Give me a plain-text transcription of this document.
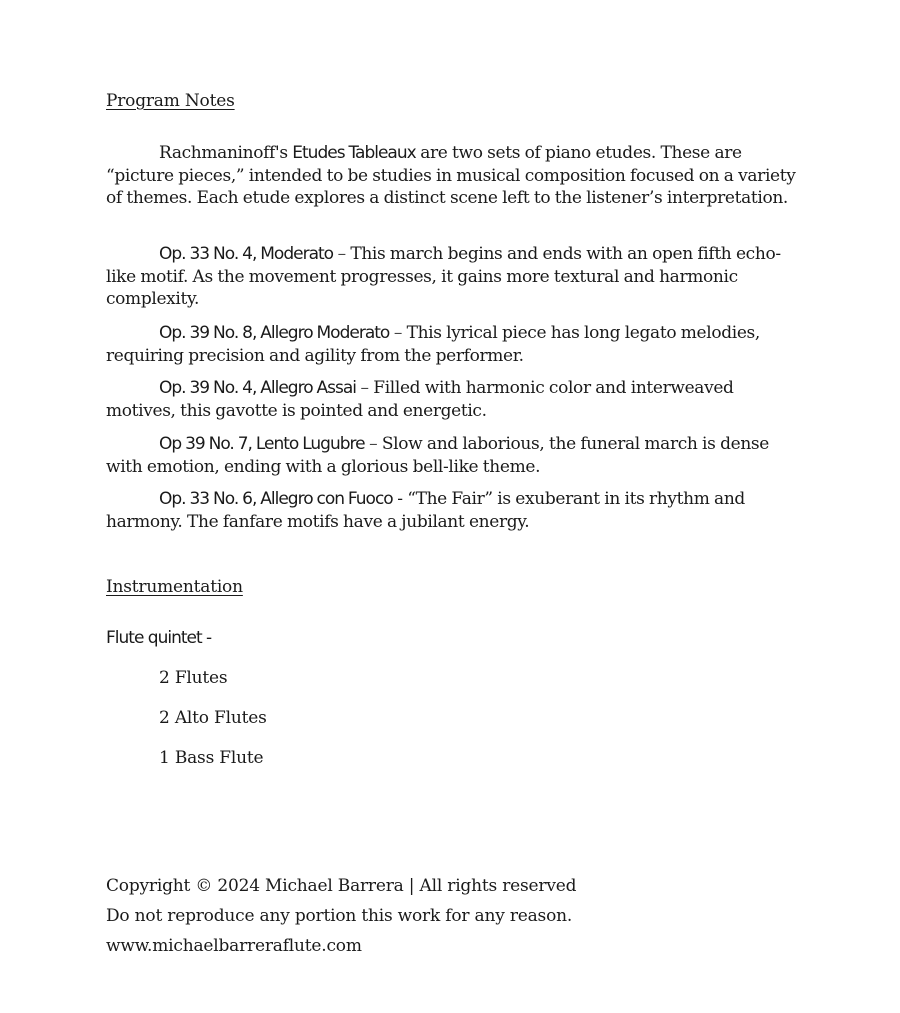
Program Notes

Rachmaninoff's Etudes Tableaux are two sets of piano etudes. These are “picture pieces,” intended to be studies in musical composition focused on a variety of themes. Each etude explores a distinct scene left to the listener’s interpretation.

Op. 33 No. 4, Moderato – This march begins and ends with an open fifth echo-like motif. As the movement progresses, it gains more textural and harmonic complexity.

Op. 39 No. 8, Allegro Moderato – This lyrical piece has long legato melodies, requiring precision and agility from the performer.

Op. 39 No. 4, Allegro Assai – Filled with harmonic color and interweaved motives, this gavotte is pointed and energetic.

Op 39 No. 7, Lento Lugubre – Slow and laborious, the funeral march is dense with emotion, ending with a glorious bell-like theme.

Op. 33 No. 6, Allegro con Fuoco - “The Fair” is exuberant in its rhythm and harmony. The fanfare motifs have a jubilant energy.

Instrumentation
Flute quintet -
2 Flutes
2 Alto Flutes
1 Bass Flute
Copyright © 2024 Michael Barrera | All rights reserved
Do not reproduce any portion this work for any reason.
www.michaelbarreraflute.com
